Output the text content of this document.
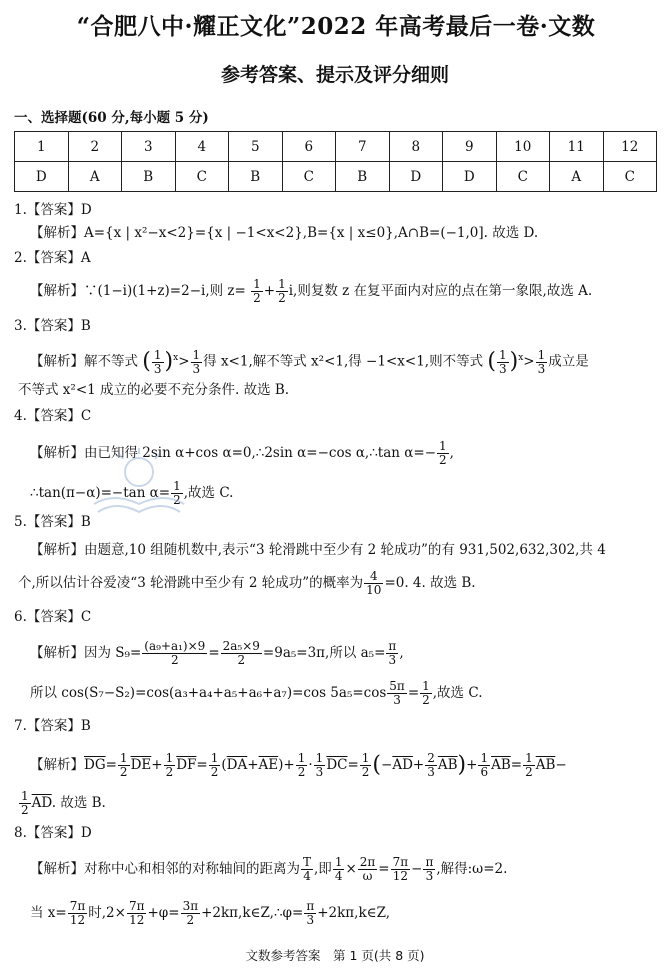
“合肥八中·耀正文化”2022 年高考最后一卷·文数
参考答案、提示及评分细则
一、选择题(60 分,每小题 5 分)
1	2	3	4	5	6	7	8	9	10	11	12
D	A	B	C	B	C	B	D	D	C	A	C
1.【答案】D
【解析】A={x | x²−x<2}={x | −1<x<2},B={x | x≤0},A∩B=(−1,0]. 故选 D.
2.【答案】A
【解析】∵(1−i)(1+z)=2−i,则 $z= \frac{1}{2} + \frac{1}{2} i$,则复数 z 在复平面内对应的点在第一象限,故选 A.
3.【答案】B
【解析】解不等式 ( $\frac{1}{3} )^x> \frac{1}{3}$ 得 x<1,解不等式 x²<1,得 −1<x<1,则不等式 ( $\frac{1}{3} )^x> \frac{1}{3}$ 成立是
不等式 x²<1 成立的必要不充分条件. 故选 B.
4.【答案】C
【解析】由已知得 2sin α+cos α=0,∴2sin α=−cos α,∴tan $\alpha=- \frac{1}{2}$ ,
∴tan(π−α)=−tan $\alpha= \frac{1}{2}$ ,故选 C.
5.【答案】B
【解析】由题意,10 组随机数中,表示“3 轮滑跳中至少有 2 轮成功”的有 931,502,632,302,共 4
个,所以估计谷爱凌“3 轮滑跳中至少有 2 轮成功”的概率为 $\frac{4}{10} =0$. 4. 故选 B.
6.【答案】C
【解析】因为 $S_9= \frac{\text{(a₉+a₁)×9}}{2} = \frac{\text{2a₅×9}}{2} =9a_5=3\pi$,所以 $a_5= \frac{\pi}{3}$ ,
所以 cos(S₇−S₂)=cos(a₃+a₄+a₅+a₆+a₇)=cos $5a_5=\cos \frac{5\pi}{3} = \frac{1}{2}$ ,故选 C.
7.【答案】B
【解析】$\overline{DG}= \frac{1}{2} \overline{DE}+ \frac{1}{2} \overline{DF}= \frac{1}{2} (\overline{DA}+\overline{AE})+ \frac{1}{2} \cdot \frac{1}{3} \overline{DC}= \frac{1}{2} (-\overline{AD}+ \frac{2}{3} \overline{AB})+ \frac{1}{6} \overline{AB}= \frac{1}{2} \overline{AB}-$
$\frac{1}{2} \overline{AD}$. 故选 B.
8.【答案】D
【解析】对称中心和相邻的对称轴间的距离为 $\frac{T}{4}$ ,即 $\frac{1}{4} \times \frac{2\pi}{\omega} = \frac{7\pi}{12} - \frac{\pi}{3}$ ,解得:ω=2.
当 $x= \frac{7\pi}{12}$ 时$,2\times \frac{7\pi}{12} +\varphi= \frac{3\pi}{2}$ +2kπ,k∈Z,∴φ= $\frac{\pi}{3}$ +2kπ,k∈Z,
文数参考答案　第 1 页(共 8 页)
